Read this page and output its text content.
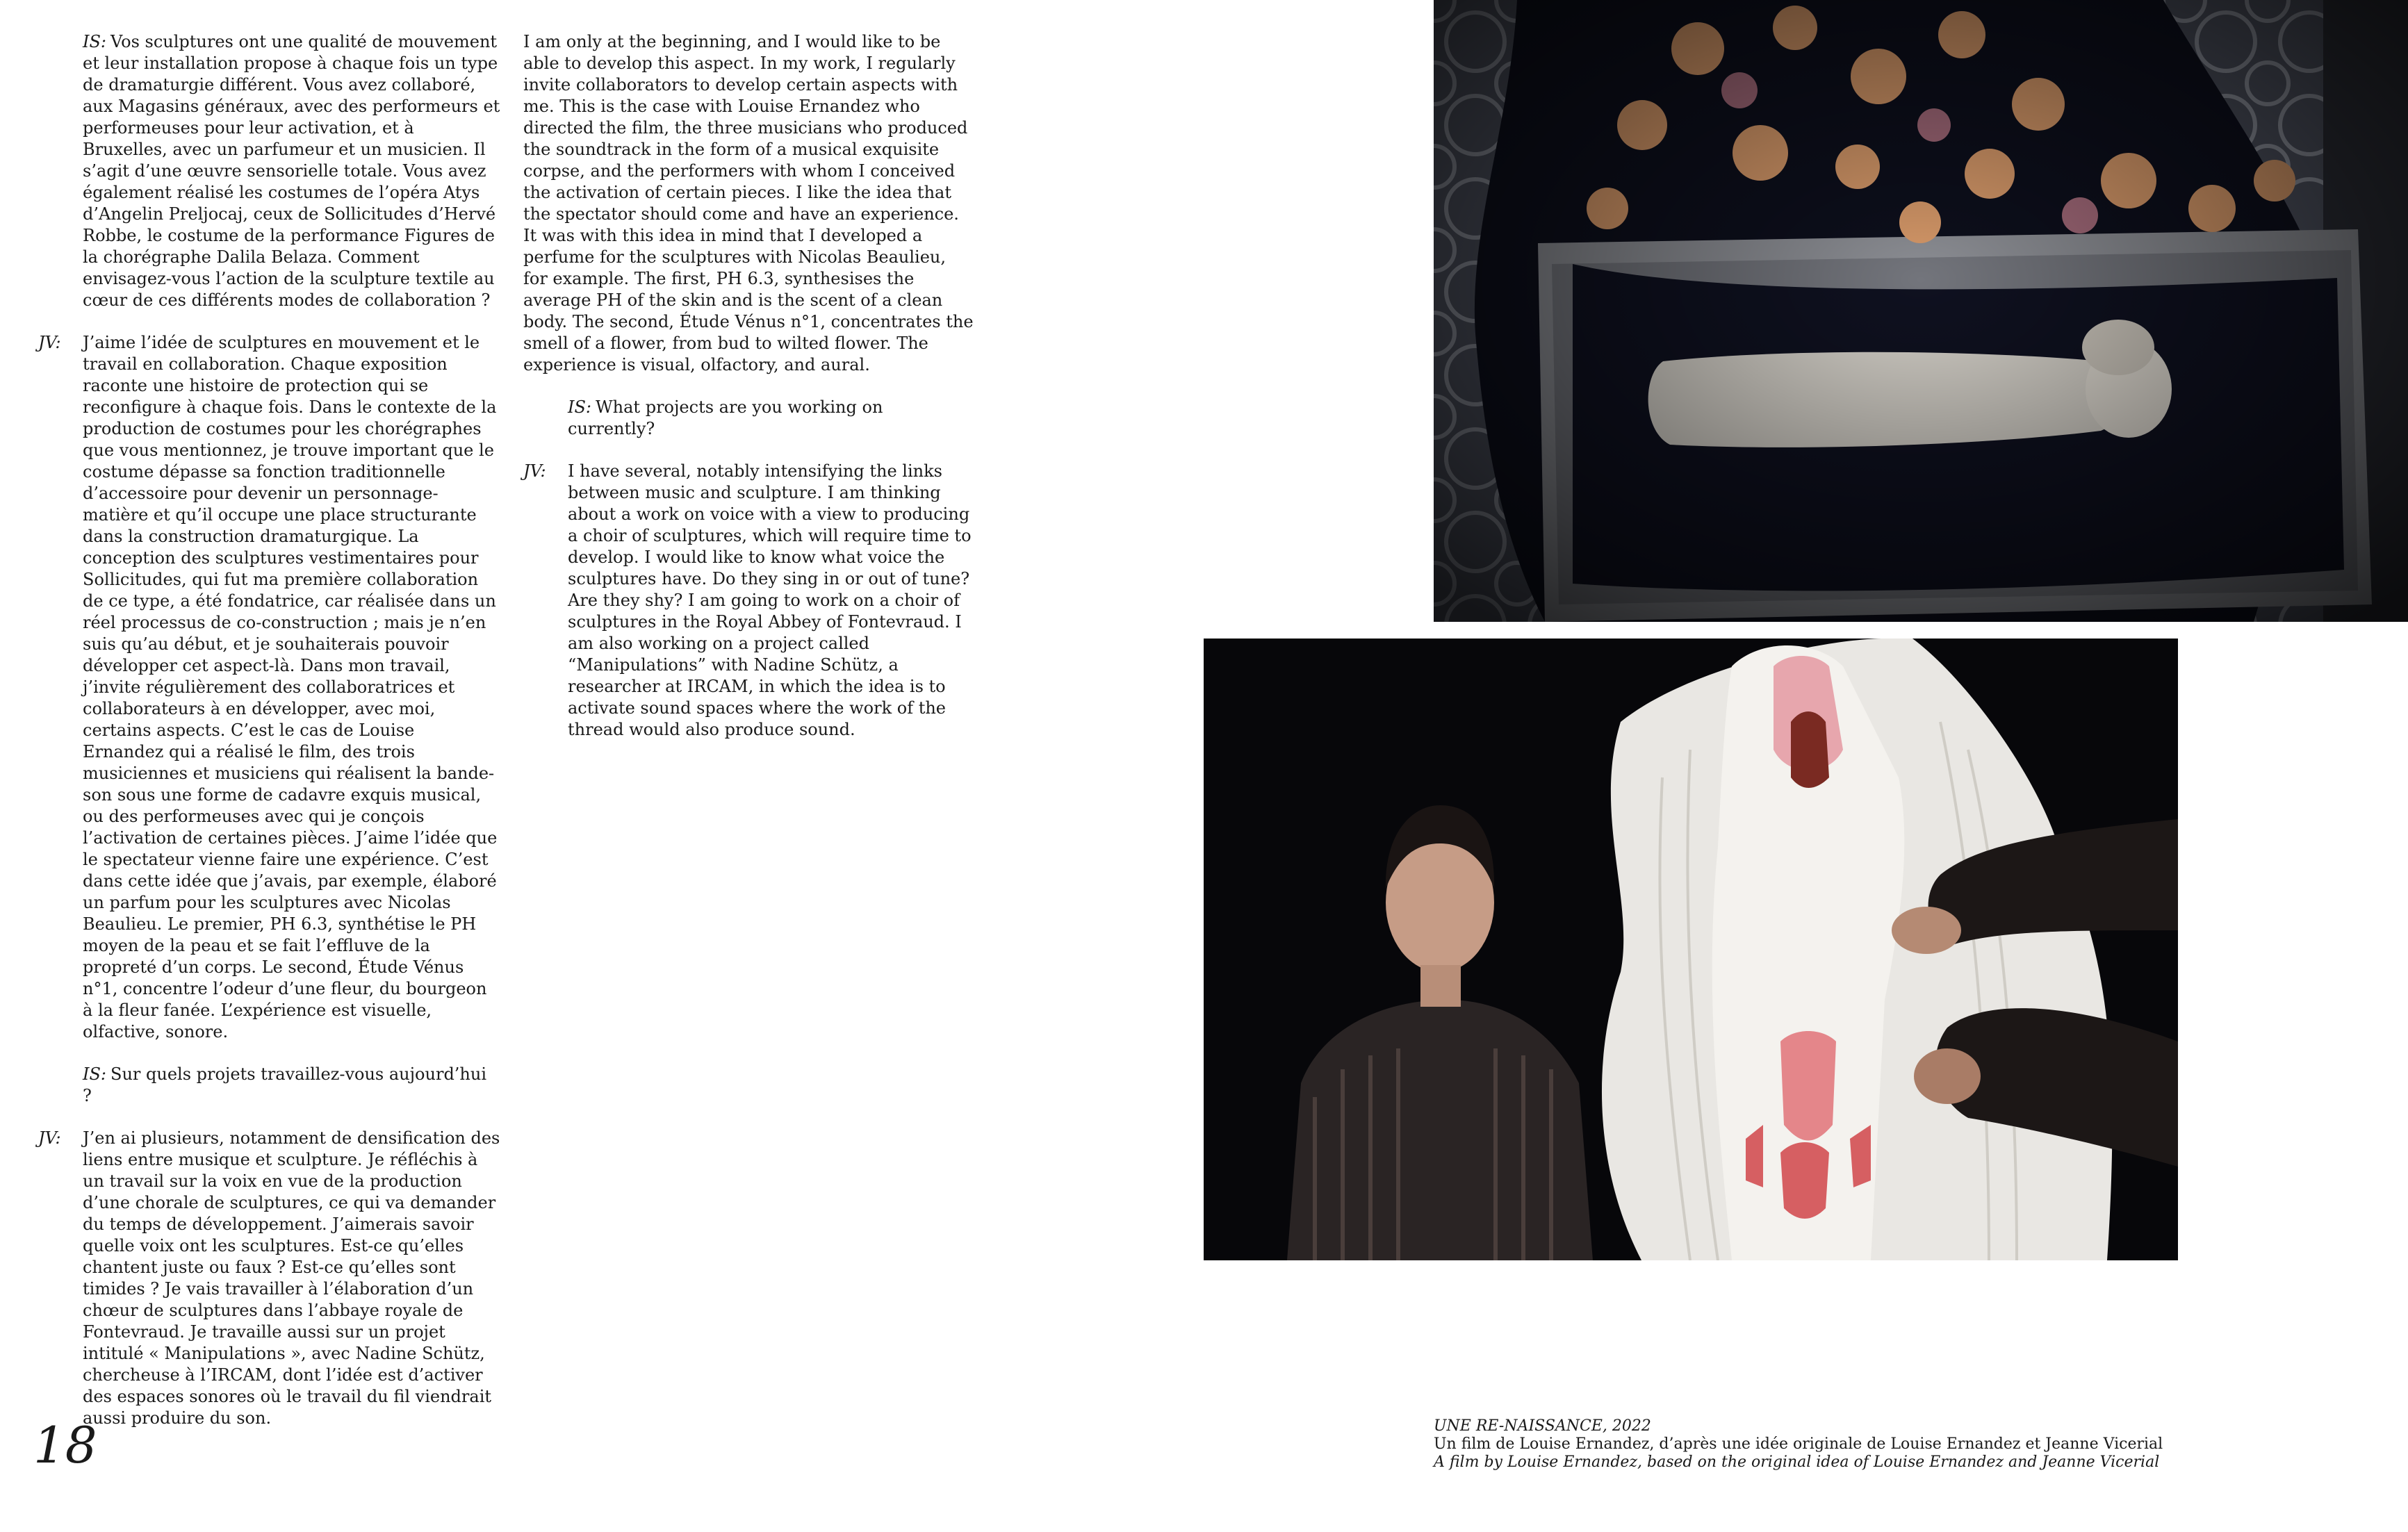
IS: Vos sculptures ont une qualité de mouvement et leur installation propose à chaque fois un type de dramaturgie différent. Vous avez collaboré, aux Magasins généraux, avec des performeurs et performeuses pour leur activation, et à Bruxelles, avec un parfumeur et un musicien. Il s’agit d’une œuvre sensorielle totale. Vous avez également réalisé les costumes de l’opéra Atys d’Angelin Preljocaj, ceux de Sollicitudes d’Hervé Robbe, le costume de la performance Figures de la chorégraphe Dalila Belaza. Comment envisagez-vous l’action de la sculpture textile au cœur de ces différents modes de collaboration ?

JV: J’aime l’idée de sculptures en mouvement et le travail en collaboration. Chaque exposition raconte une histoire de protection qui se reconfigure à chaque fois. Dans le contexte de la production de costumes pour les chorégraphes que vous mentionnez, je trouve important que le costume dépasse sa fonction traditionnelle d’accessoire pour devenir un personnage-matière et qu’il occupe une place structurante dans la construction dramaturgique. La conception des sculptures vestimentaires pour Sollicitudes, qui fut ma première collaboration de ce type, a été fondatrice, car réalisée dans un réel processus de co-construction ; mais je n’en suis qu’au début, et je souhaiterais pouvoir développer cet aspect-là. Dans mon travail, j’invite régulièrement des collaboratrices et collaborateurs à en développer, avec moi, certains aspects. C’est le cas de Louise Ernandez qui a réalisé le film, des trois musiciennes et musiciens qui réalisent la bande-son sous une forme de cadavre exquis musical, ou des performeuses avec qui je conçois l’activation de certaines pièces. J’aime l’idée que le spectateur vienne faire une expérience. C’est dans cette idée que j’avais, par exemple, élaboré un parfum pour les sculptures avec Nicolas Beaulieu. Le premier, PH 6.3, synthétise le PH moyen de la peau et se fait l’effluve de la propreté d’un corps. Le second, Étude Vénus n°1, concentre l’odeur d’une fleur, du bourgeon à la fleur fanée. L’expérience est visuelle, olfactive, sonore.

IS: Sur quels projets travaillez-vous aujourd’hui ?

JV: J’en ai plusieurs, notamment de densification des liens entre musique et sculpture. Je réfléchis à un travail sur la voix en vue de la production d’une chorale de sculptures, ce qui va demander du temps de développement. J’aimerais savoir quelle voix ont les sculptures. Est-ce qu’elles chantent juste ou faux ? Est-ce qu’elles sont timides ? Je vais travailler à l’élaboration d’un chœur de sculptures dans l’abbaye royale de Fontevraud. Je travaille aussi sur un projet intitulé « Manipulations », avec Nadine Schütz, chercheuse à l’IRCAM, dont l’idée est d’activer des espaces sonores où le travail du fil viendrait aussi produire du son.

I am only at the beginning, and I would like to be able to develop this aspect. In my work, I regularly invite collaborators to develop certain aspects with me. This is the case with Louise Ernandez who directed the film, the three musicians who produced the soundtrack in the form of a musical exquisite corpse, and the performers with whom I conceived the activation of certain pieces. I like the idea that the spectator should come and have an experience. It was with this idea in mind that I developed a perfume for the sculptures with Nicolas Beaulieu, for example. The first, PH 6.3, synthesises the average PH of the skin and is the scent of a clean body. The second, Étude Vénus n°1, concentrates the smell of a flower, from bud to wilted flower. The experience is visual, olfactory, and aural.

IS: What projects are you working on currently?

JV: I have several, notably intensifying the links between music and sculpture. I am thinking about a work on voice with a view to producing a choir of sculptures, which will require time to develop. I would like to know what voice the sculptures have. Do they sing in or out of tune? Are they shy? I am going to work on a choir of sculptures in the Royal Abbey of Fontevraud. I am also working on a project called “Manipulations” with Nadine Schütz, a researcher at IRCAM, in which the idea is to activate sound spaces where the work of the thread would also produce sound.

18	UNE RE-NAISSANCE, 2022
Un film de Louise Ernandez, d’après une idée originale de Louise Ernandez et Jeanne Vicerial
A film by Louise Ernandez, based on the original idea of Louise Ernandez and Jeanne Vicerial
